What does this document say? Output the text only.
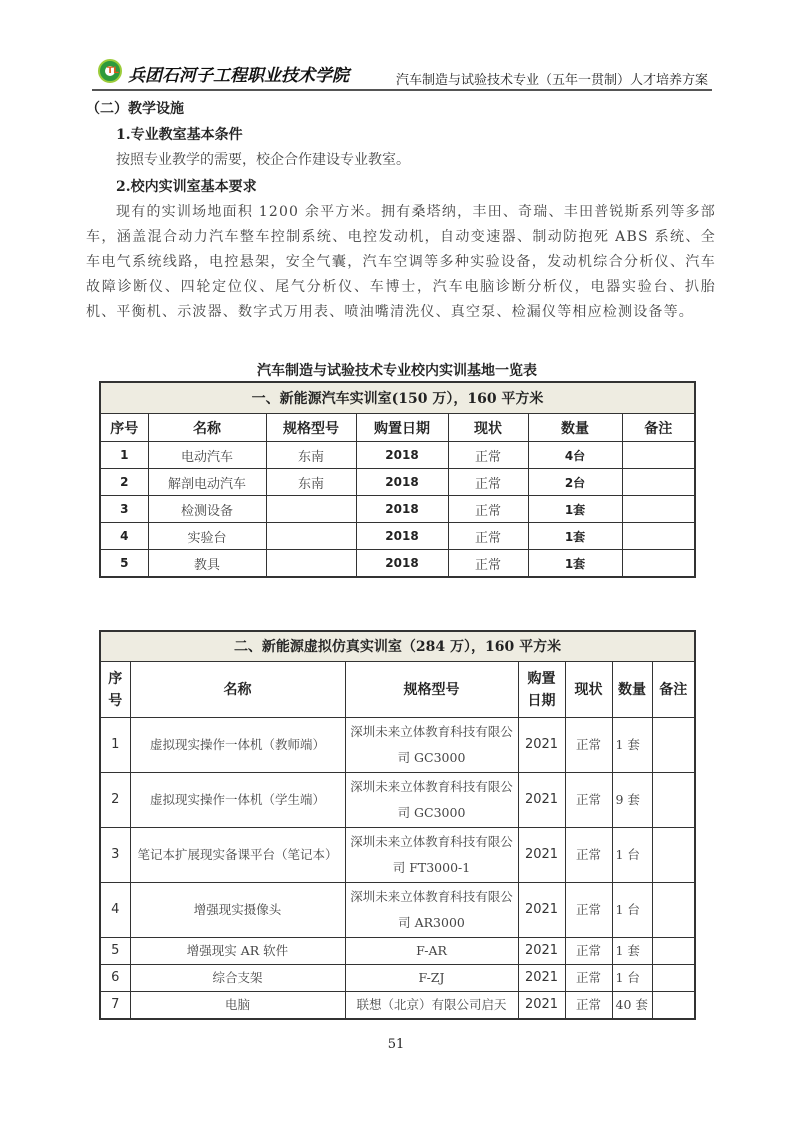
TL 兵团石河子工程职业技术学院	汽车制造与试验技术专业（五年一贯制）人才培养方案
（二）教学设施
1.专业教室基本条件
按照专业教学的需要，校企合作建设专业教室。
2.校内实训室基本要求
现有的实训场地面积 1200 余平方米。拥有桑塔纳，丰田、奇瑞、丰田普锐斯系列等多部车，涵盖混合动力汽车整车控制系统、电控发动机，自动变速器、制动防抱死 ABS 系统、全车电气系统线路，电控悬架，安全气囊，汽车空调等多种实验设备，发动机综合分析仪、汽车故障诊断仪、四轮定位仪、尾气分析仪、车博士，汽车电脑诊断分析仪，电器实验台、扒胎机、平衡机、示波器、数字式万用表、喷油嘴清洗仪、真空泵、检漏仪等相应检测设备等。
汽车制造与试验技术专业校内实训基地一览表
一、新能源汽车实训室(150 万），160 平方米						
序号	名称	规格型号	购置日期	现状	数量	备注
1	电动汽车	东南	2018	正常	4台	
2	解剖电动汽车	东南	2018	正常	2台	
3	检测设备		2018	正常	1套	
4	实验台		2018	正常	1套	
5	教具		2018	正常	1套	
二、新能源虚拟仿真实训室（284 万），160 平方米						
序号	名称	规格型号	购置日期	现状	数量	备注
1	虚拟现实操作一体机（教师端）	深圳未来立体教育科技有限公司 GC3000	2021	正常	1 套	
2	虚拟现实操作一体机（学生端）	深圳未来立体教育科技有限公司 GC3000	2021	正常	9 套	
3	笔记本扩展现实备课平台（笔记本）	深圳未来立体教育科技有限公司 FT3000-1	2021	正常	1 台	
4	增强现实摄像头	深圳未来立体教育科技有限公司 AR3000	2021	正常	1 台	
5	增强现实 AR 软件	F-AR	2021	正常	1 套	
6	综合支架	F-ZJ	2021	正常	1 台	
7	电脑	联想（北京）有限公司启天	2021	正常	40 套	
51
